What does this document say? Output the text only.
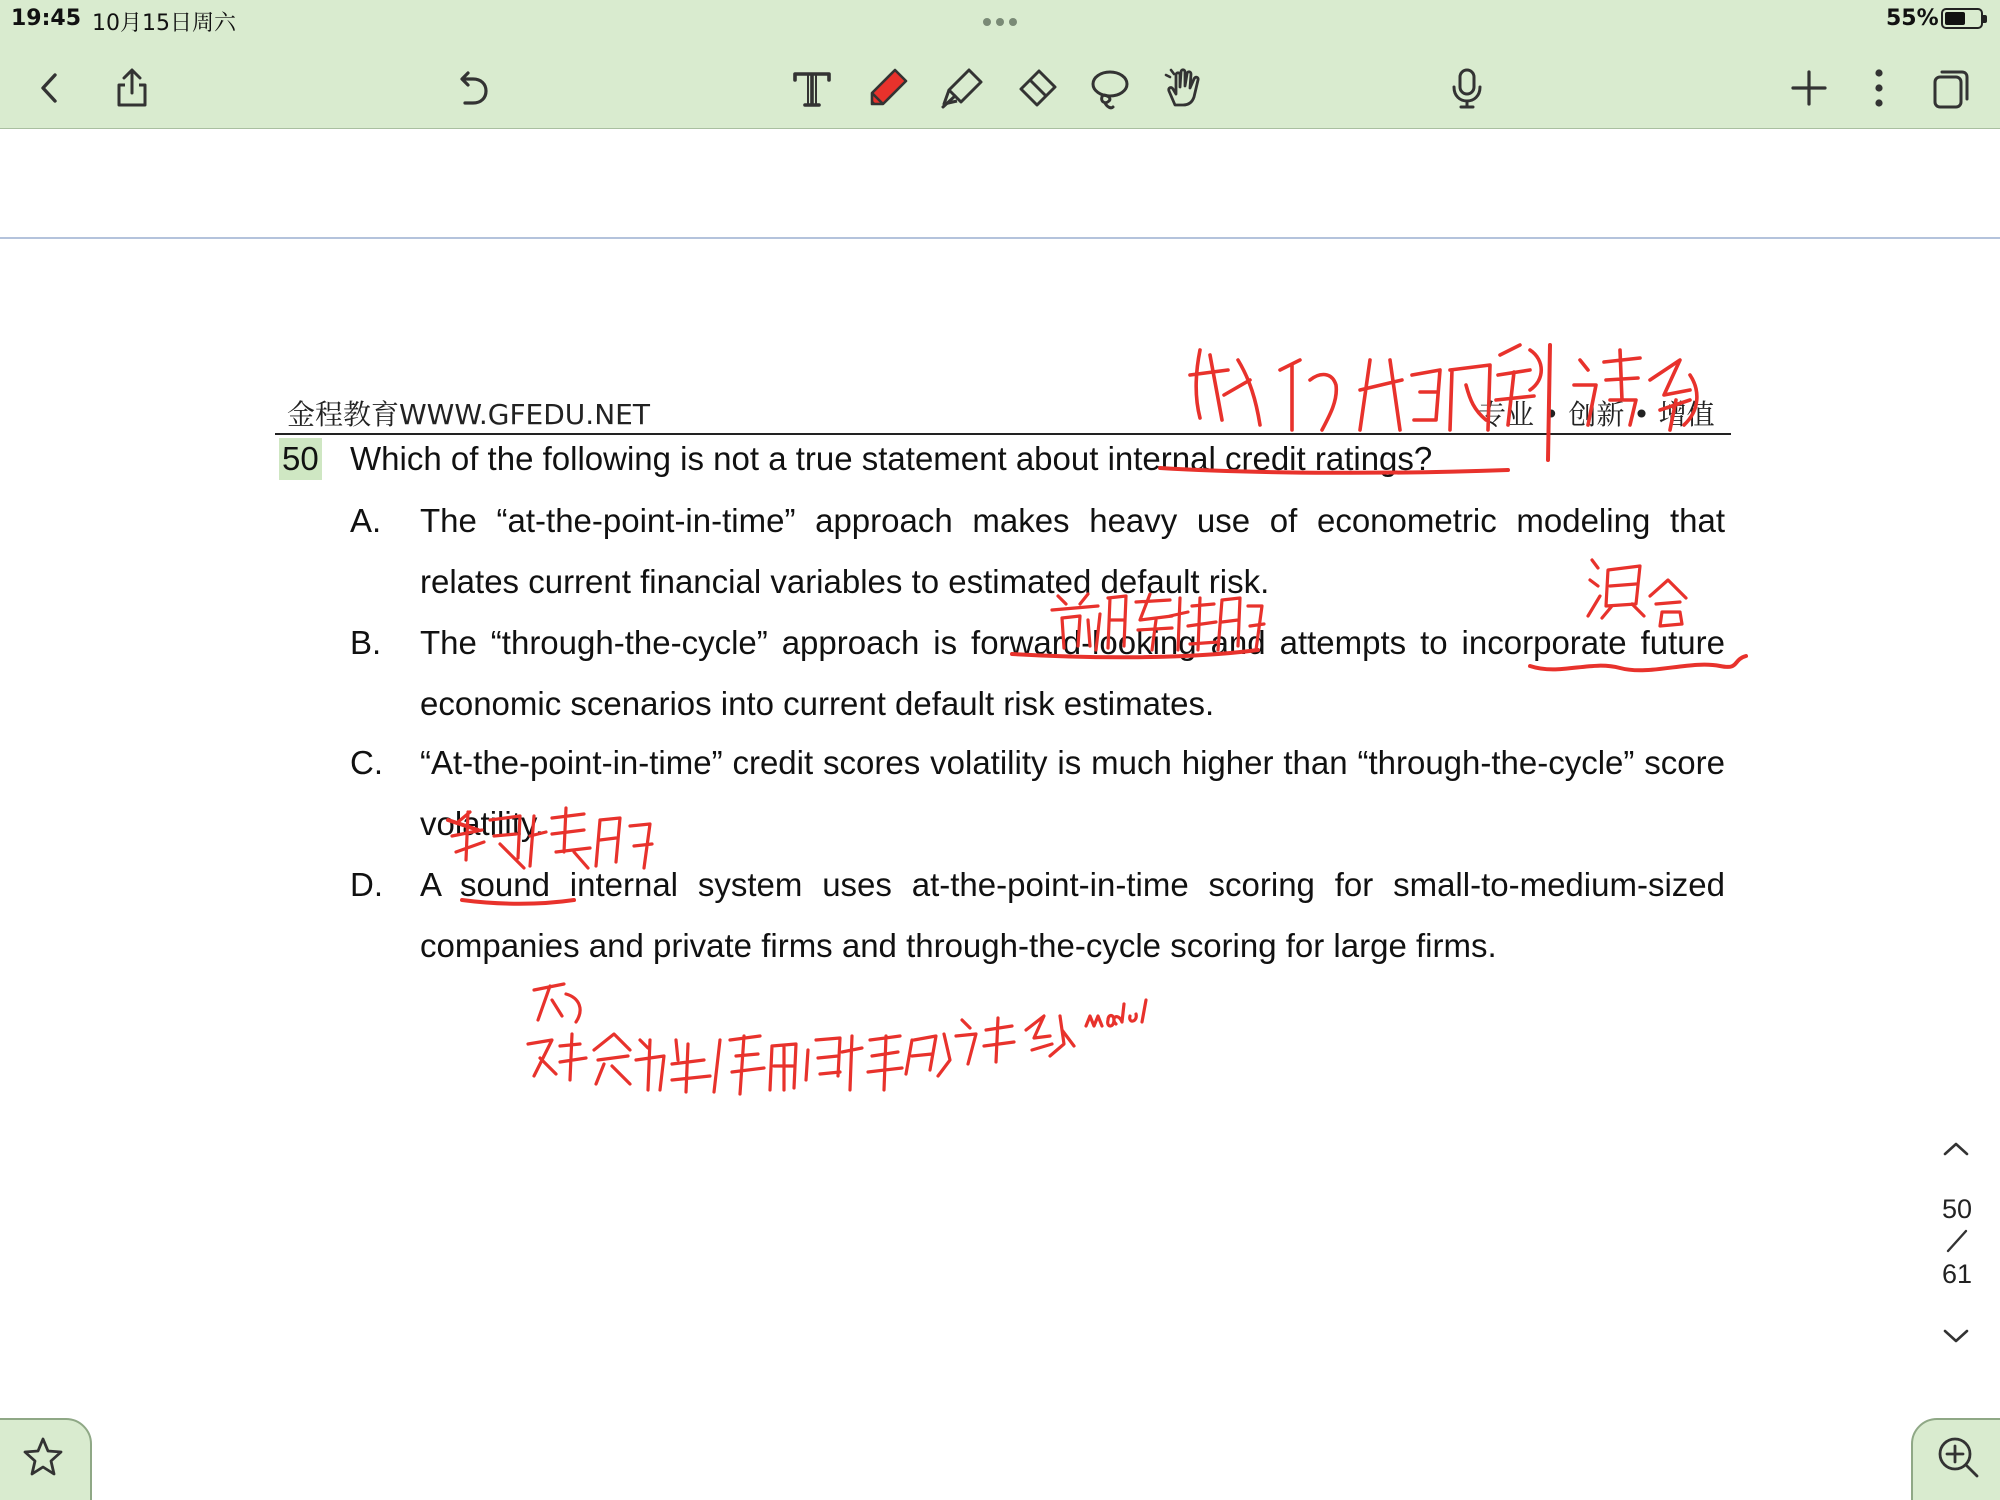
19:45 10月15日周六	55%
金程教育WWW.GFEDU.NET	专业 • 创新 • 增值
50 Which of the following is not a true statement about internal credit ratings?
A. The “at-the-point-in-time” approach makes heavy use of econometric modeling that relates current financial variables to estimated default risk.
B. The “through-the-cycle” approach is forward-looking and attempts to incorporate future economic scenarios into current default risk estimates.
C. “At-the-point-in-time” credit scores volatility is much higher than “through-the-cycle” score volatility.
D. A sound internal system uses at-the-point-in-time scoring for small-to-medium-sized companies and private firms and through-the-cycle scoring for large firms.
50
61
